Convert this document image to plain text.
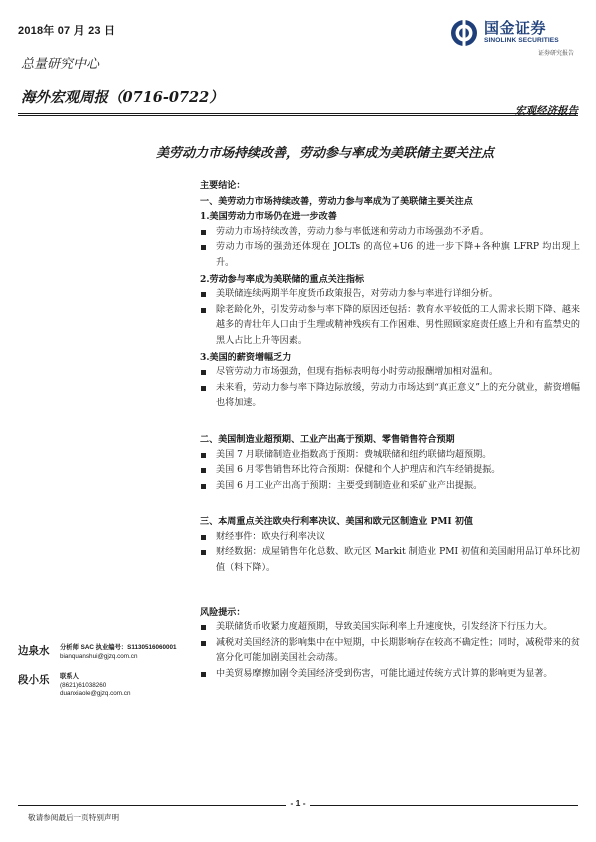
2018年 07 月 23 日
总量研究中心
海外宏观周报（0716-0722）
宏观经济报告
国金证券
SINOLINK SECURITIES
证券研究报告
美劳动力市场持续改善，劳动参与率成为美联储主要关注点
主要结论：
一、美劳动力市场持续改善，劳动力参与率成为了美联储主要关注点
1.美国劳动力市场仍在进一步改善
劳动力市场持续改善，劳动力参与率低迷和劳动力市场强劲不矛盾。
劳动力市场的强劲还体现在 JOLTs 的高位+U6 的进一步下降+各种旗 LFRP 均出现上升。
2.劳动参与率成为美联储的重点关注指标
美联储连续两期半年度货币政策报告，对劳动力参与率进行详细分析。
除老龄化外，引发劳动参与率下降的原因还包括：教育水平较低的工人需求长期下降、越来越多的青壮年人口由于生理或精神残疾有工作困难、男性照顾家庭责任感上升和有监禁史的黑人占比上升等因素。
3.美国的薪资增幅乏力
尽管劳动力市场强劲，但现有指标表明每小时劳动报酬增加相对温和。
未来看，劳动力参与率下降边际放缓，劳动力市场达到“真正意义”上的充分就业，薪资增幅也将加速。
二、美国制造业超预期、工业产出高于预期、零售销售符合预期
美国 7 月联储制造业指数高于预期：费城联储和纽约联储均超预期。
美国 6 月零售销售环比符合预期：保健和个人护理店和汽车经销提振。
美国 6 月工业产出高于预期：主要受到制造业和采矿业产出提振。
三、本周重点关注欧央行利率决议、美国和欧元区制造业 PMI 初值
财经事件：欧央行利率决议
财经数据：成屋销售年化总数、欧元区 Markit 制造业 PMI 初值和美国耐用品订单环比初值（料下降）。
风险提示：
美联储货币收紧力度超预期，导致美国实际利率上升速度快，引发经济下行压力大。
减税对美国经济的影响集中在中短期，中长期影响存在较高不确定性；同时，减税带来的贫富分化可能加剧美国社会动荡。
中美贸易摩擦加剧令美国经济受到伤害，可能比通过传统方式计算的影响更为显著。
边泉水 分析师 SAC 执业编号：S1130516060001
bianquanshui@gjzq.com.cn
段小乐 联系人
(8621)61038260
duanxiaole@gjzq.com.cn
- 1 -
敬请参阅最后一页特别声明
